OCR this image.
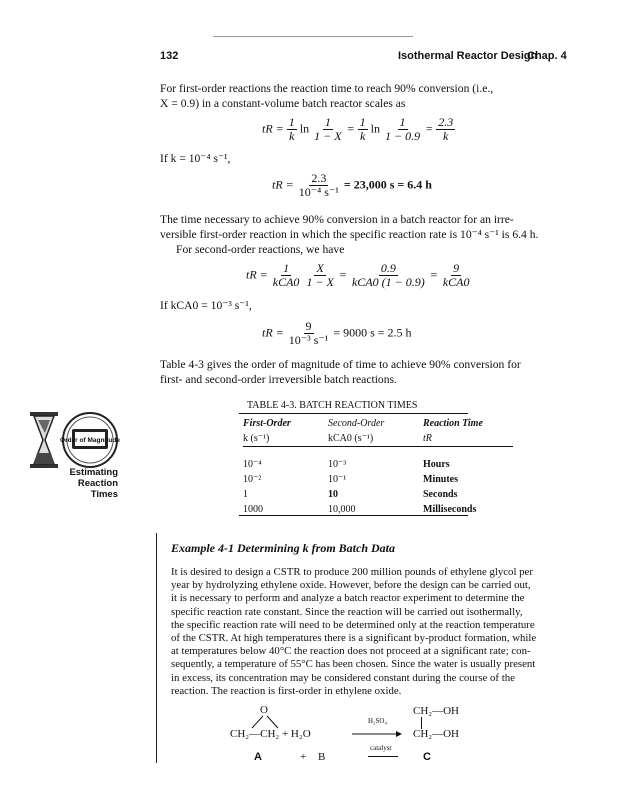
132	Isothermal Reactor Design
Chap. 4
For first-order reactions the reaction time to reach 90% conversion (i.e.,
X = 0.9) in a constant-volume batch reactor scales as
tR = $\frac{1}{k}$ $\ln \frac{1}{1 - X} = \frac{1}{k}$ $\ln \frac{1}{1 - 0.9} = \frac{2.3}{k}$
If k = 10⁻⁴ s⁻¹,
tR = $\frac{2.3}{\text{10⁻⁴ s⁻¹}} = 23,000$ s = 6.4 h
The time necessary to achieve 90% conversion in a batch reactor for an irre-
versible first-order reaction in which the specific reaction rate is 10⁻⁴ s⁻¹ is 6.4 h.
For second-order reactions, we have
tR = $\frac{1}{\text{kCA0}}$
$\frac{X}{1 - X} = \frac{0.9}{\text{kCA0 (1 − 0.9)}} = \frac{9}{\text{kCA0}}$
If kCA0 = 10⁻³ s⁻¹,
tR = $\frac{9}{\text{10⁻³ s⁻¹}} = 9000$ s = 2.5 h
Table 4-3 gives the order of magnitude of time to achieve 90% conversion for
first- and second-order irreversible batch reactions.
Order of Magnitude
Estimating Reaction
Times
TABLE 4-3. BATCH REACTION TIMES
First-Order	Second-Order	Reaction Time
k (s⁻¹)	kCA0 (s⁻¹)	tR

10⁻⁴	10⁻³	Hours
10⁻²	10⁻¹	Minutes
1	10	Seconds
1000	10,000	Milliseconds
Example 4-1 Determining k from Batch Data
It is desired to design a CSTR to produce 200 million pounds of ethylene glycol per
year by hydrolyzing ethylene oxide. However, before the design can be carried out,
it is necessary to perform and analyze a batch reactor experiment to determine the
specific reaction rate constant. Since the reaction will be carried out isothermally,
the specific reaction rate will need to be determined only at the reaction temperature
of the CSTR. At high temperatures there is a significant by-product formation, while
at temperatures below 40°C the reaction does not proceed at a significant rate; con-
sequently, a temperature of 55°C has been chosen. Since the water is usually present
in excess, its concentration may be considered constant during the course of the
reaction. The reaction is first-order in ethylene oxide.
O
CH₂—CH₂ + H₂O
H₂SO₄
catalyst
CH₂—OH
CH₂—OH
A	+ B	C
